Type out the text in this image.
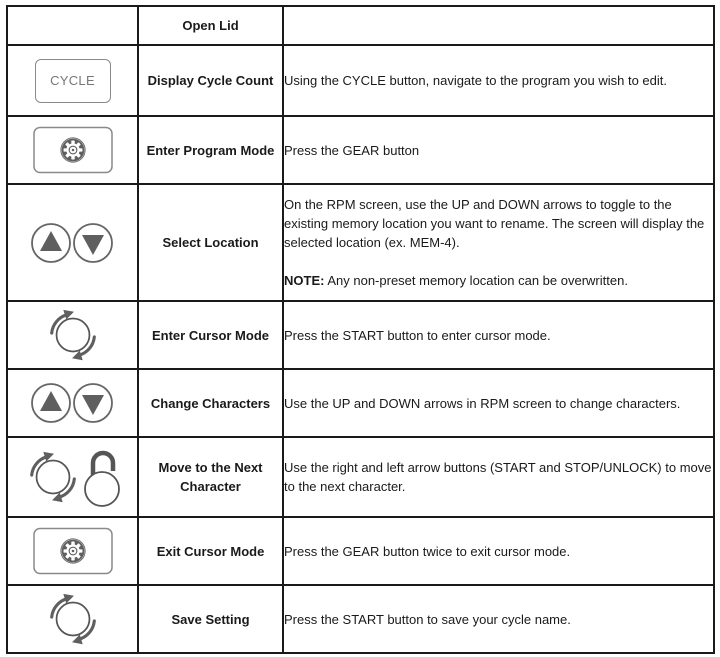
	Open Lid	
CYCLE	Display Cycle Count	Using the CYCLE button, navigate to the program you wish to edit.
	Enter Program Mode	Press the GEAR button
	Select Location	On the RPM screen, use the UP and DOWN arrows to toggle to the existing memory location you want to rename. The screen will display the selected location (ex. MEM-4).
NOTE: Any non-preset memory location can be overwritten.

	Enter Cursor Mode	Press the START button to enter cursor mode.
	Change Characters	Use the UP and DOWN arrows in RPM screen to change characters.
	Move to the Next Character	Use the right and left arrow buttons (START and STOP/UNLOCK) to move to the next character.
	Exit Cursor Mode	Press the GEAR button twice to exit cursor mode.
	Save Setting	Press the START button to save your cycle name.
